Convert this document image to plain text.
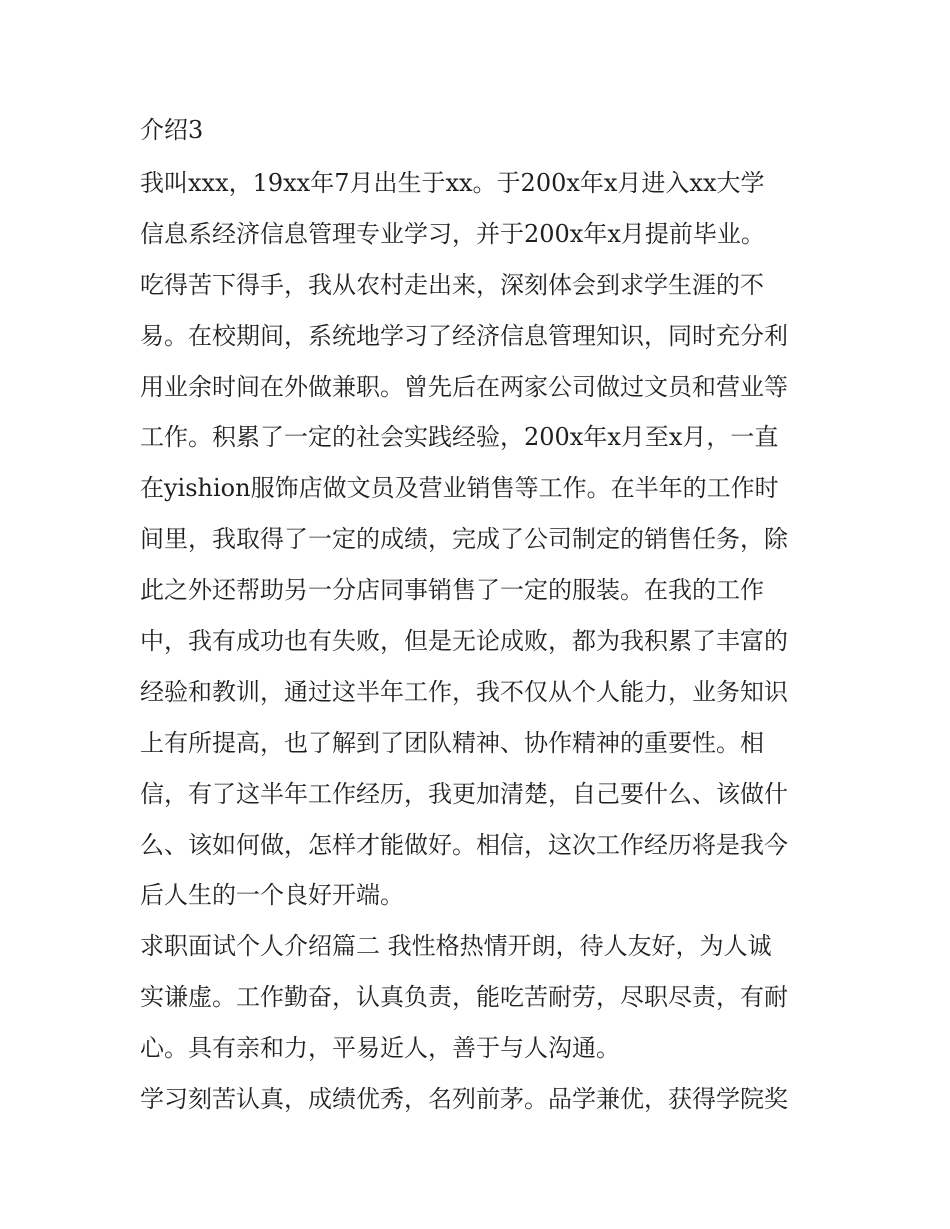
介绍3
我叫xxx，19xx年7月出生于xx。于200x年x月进入xx大学
信息系经济信息管理专业学习，并于200x年x月提前毕业。
吃得苦下得手，我从农村走出来，深刻体会到求学生涯的不
易。在校期间，系统地学习了经济信息管理知识，同时充分利
用业余时间在外做兼职。曾先后在两家公司做过文员和营业等
工作。积累了一定的社会实践经验，200x年x月至x月，一直
在yishion服饰店做文员及营业销售等工作。在半年的工作时
间里，我取得了一定的成绩，完成了公司制定的销售任务，除
此之外还帮助另一分店同事销售了一定的服装。在我的工作
中，我有成功也有失败，但是无论成败，都为我积累了丰富的
经验和教训，通过这半年工作，我不仅从个人能力，业务知识
上有所提高，也了解到了团队精神、协作精神的重要性。相
信，有了这半年工作经历，我更加清楚，自己要什么、该做什
么、该如何做，怎样才能做好。相信，这次工作经历将是我今
后人生的一个良好开端。
求职面试个人介绍篇二 我性格热情开朗，待人友好，为人诚
实谦虚。工作勤奋，认真负责，能吃苦耐劳，尽职尽责，有耐
心。具有亲和力，平易近人，善于与人沟通。
学习刻苦认真，成绩优秀，名列前茅。品学兼优，获得学院奖
